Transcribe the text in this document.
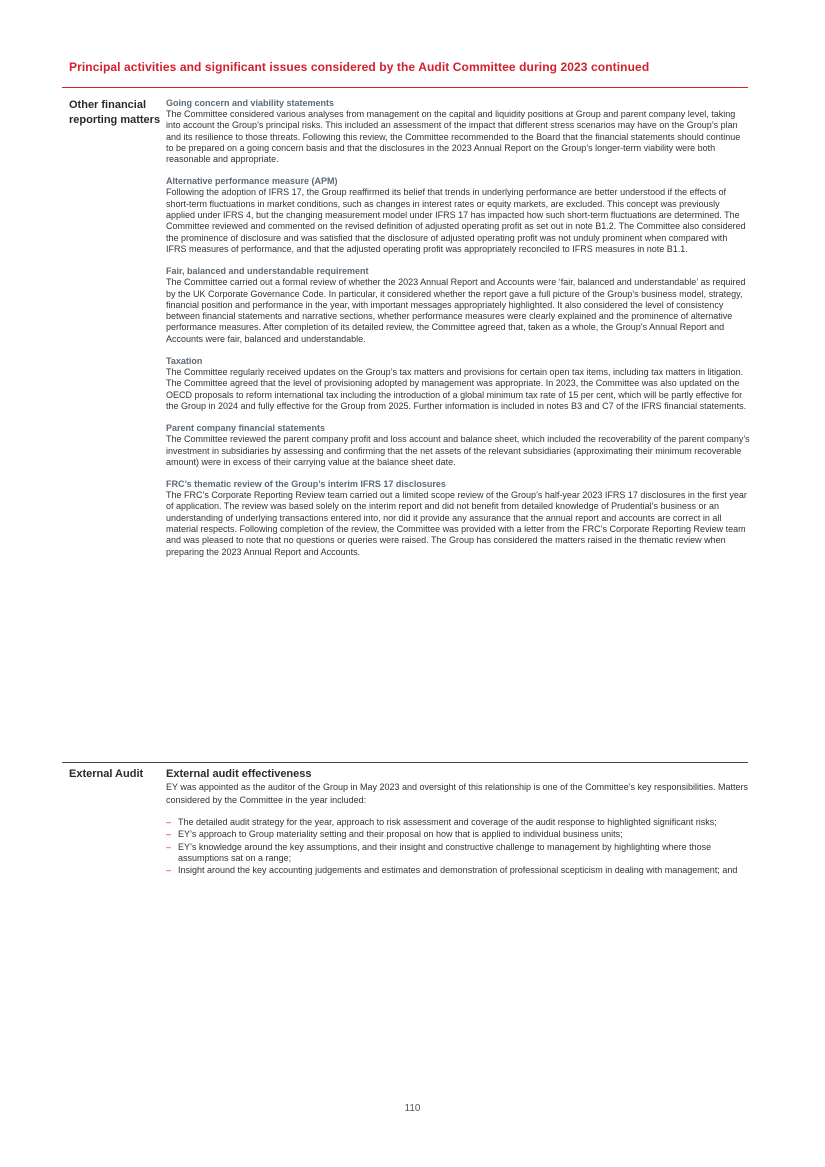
Principal activities and significant issues considered by the Audit Committee during 2023 continued
Other financial reporting matters

Going concern and viability statements

The Committee considered various analyses from management on the capital and liquidity positions at Group and parent company level, taking into account the Group’s principal risks. This included an assessment of the impact that different stress scenarios may have on the Group’s plan and its resilience to those threats. Following this review, the Committee recommended to the Board that the financial statements should continue to be prepared on a going concern basis and that the disclosures in the 2023 Annual Report on the Group’s longer-term viability were both reasonable and appropriate.

Alternative performance measure (APM)

Following the adoption of IFRS 17, the Group reaffirmed its belief that trends in underlying performance are better understood if the effects of short-term fluctuations in market conditions, such as changes in interest rates or equity markets, are excluded. This concept was previously applied under IFRS 4, but the changing measurement model under IFRS 17 has impacted how such short-term fluctuations are determined. The Committee reviewed and commented on the revised definition of adjusted operating profit as set out in note B1.2. The Committee also considered the prominence of disclosure and was satisfied that the disclosure of adjusted operating profit was not unduly prominent when compared with IFRS measures of performance, and that the adjusted operating profit was appropriately reconciled to IFRS measures in note B1.1.

Fair, balanced and understandable requirement

The Committee carried out a formal review of whether the 2023 Annual Report and Accounts were ‘fair, balanced and understandable’ as required by the UK Corporate Governance Code. In particular, it considered whether the report gave a full picture of the Group’s business model, strategy, financial position and performance in the year, with important messages appropriately highlighted. It also considered the level of consistency between financial statements and narrative sections, whether performance measures were clearly explained and the prominence of alternative performance measures. After completion of its detailed review, the Committee agreed that, taken as a whole, the Group’s Annual Report and Accounts were fair, balanced and understandable.

Taxation

The Committee regularly received updates on the Group’s tax matters and provisions for certain open tax items, including tax matters in litigation. The Committee agreed that the level of provisioning adopted by management was appropriate. In 2023, the Committee was also updated on the OECD proposals to reform international tax including the introduction of a global minimum tax rate of 15 per cent, which will be partly effective for the Group in 2024 and fully effective for the Group from 2025. Further information is included in notes B3 and C7 of the IFRS financial statements.

Parent company financial statements

The Committee reviewed the parent company profit and loss account and balance sheet, which included the recoverability of the parent company’s investment in subsidiaries by assessing and confirming that the net assets of the relevant subsidiaries (approximating their minimum recoverable amount) were in excess of their carrying value at the balance sheet date.

FRC’s thematic review of the Group’s interim IFRS 17 disclosures

The FRC’s Corporate Reporting Review team carried out a limited scope review of the Group’s half-year 2023 IFRS 17 disclosures in the first year of application. The review was based solely on the interim report and did not benefit from detailed knowledge of Prudential’s business or an understanding of underlying transactions entered into, nor did it provide any assurance that the annual report and accounts are correct in all material respects. Following completion of the review, the Committee was provided with a letter from the FRC’s Corporate Reporting Review team and was pleased to note that no questions or queries were raised. The Group has considered the matters raised in the thematic review when preparing the 2023 Annual Report and Accounts.

External Audit	External audit effectiveness

EY was appointed as the auditor of the Group in May 2023 and oversight of this relationship is one of the Committee’s key responsibilities. Matters considered by the Committee in the year included:

– The detailed audit strategy for the year, approach to risk assessment and coverage of the audit response to highlighted significant risks;
– EY’s approach to Group materiality setting and their proposal on how that is applied to individual business units;
– EY’s knowledge around the key assumptions, and their insight and constructive challenge to management by highlighting where those assumptions sat on a range;
– Insight around the key accounting judgements and estimates and demonstration of professional scepticism in dealing with management; and
110
